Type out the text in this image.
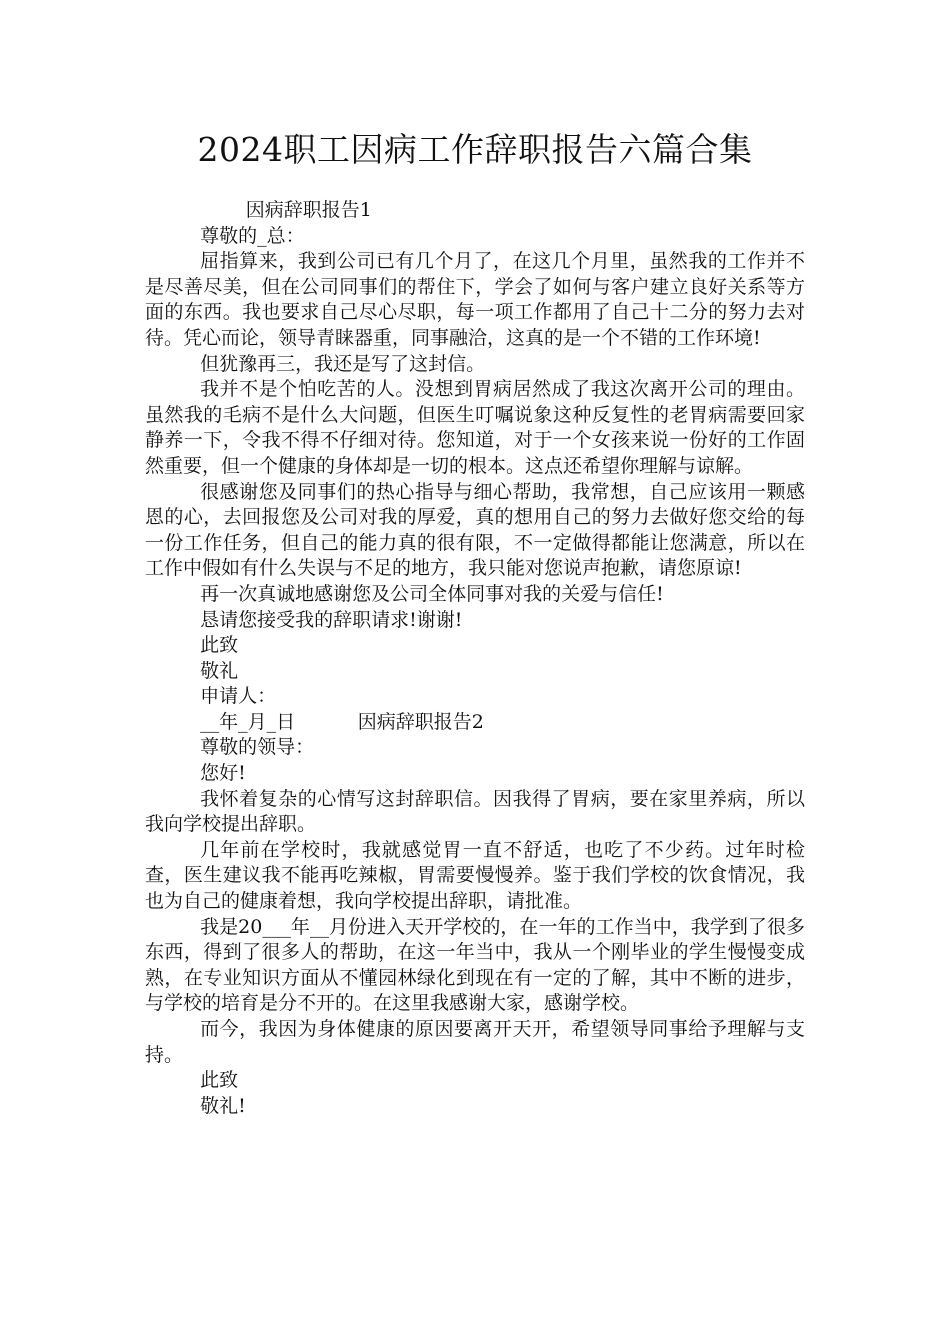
2024职工因病工作辞职报告六篇合集

因病辞职报告1

尊敬的_总：

屈指算来，我到公司已有几个月了，在这几个月里，虽然我的工作并不是尽善尽美，但在公司同事们的帮住下，学会了如何与客户建立良好关系等方面的东西。我也要求自己尽心尽职，每一项工作都用了自己十二分的努力去对待。凭心而论，领导青睐器重，同事融洽，这真的是一个不错的工作环境!

但犹豫再三，我还是写了这封信。

我并不是个怕吃苦的人。没想到胃病居然成了我这次离开公司的理由。虽然我的毛病不是什么大问题，但医生叮嘱说象这种反复性的老胃病需要回家静养一下，令我不得不仔细对待。您知道，对于一个女孩来说一份好的工作固然重要，但一个健康的身体却是一切的根本。这点还希望你理解与谅解。

很感谢您及同事们的热心指导与细心帮助，我常想，自己应该用一颗感恩的心，去回报您及公司对我的厚爱，真的想用自己的努力去做好您交给的每一份工作任务，但自己的能力真的很有限，不一定做得都能让您满意，所以在工作中假如有什么失误与不足的地方，我只能对您说声抱歉，请您原谅!

再一次真诚地感谢您及公司全体同事对我的关爱与信任!

恳请您接受我的辞职请求!谢谢!

此致

敬礼

申请人：

__年_月_日	因病辞职报告2

尊敬的领导：

您好!

我怀着复杂的心情写这封辞职信。因我得了胃病，要在家里养病，所以我向学校提出辞职。

几年前在学校时，我就感觉胃一直不舒适，也吃了不少药。过年时检查，医生建议我不能再吃辣椒，胃需要慢慢养。鉴于我们学校的饮食情况，我也为自己的健康着想，我向学校提出辞职，请批准。

我是20___年__月份进入天开学校的，在一年的工作当中，我学到了很多东西，得到了很多人的帮助，在这一年当中，我从一个刚毕业的学生慢慢变成熟，在专业知识方面从不懂园林绿化到现在有一定的了解，其中不断的进步，与学校的培育是分不开的。在这里我感谢大家，感谢学校。

而今，我因为身体健康的原因要离开天开，希望领导同事给予理解与支持。

此致

敬礼!
